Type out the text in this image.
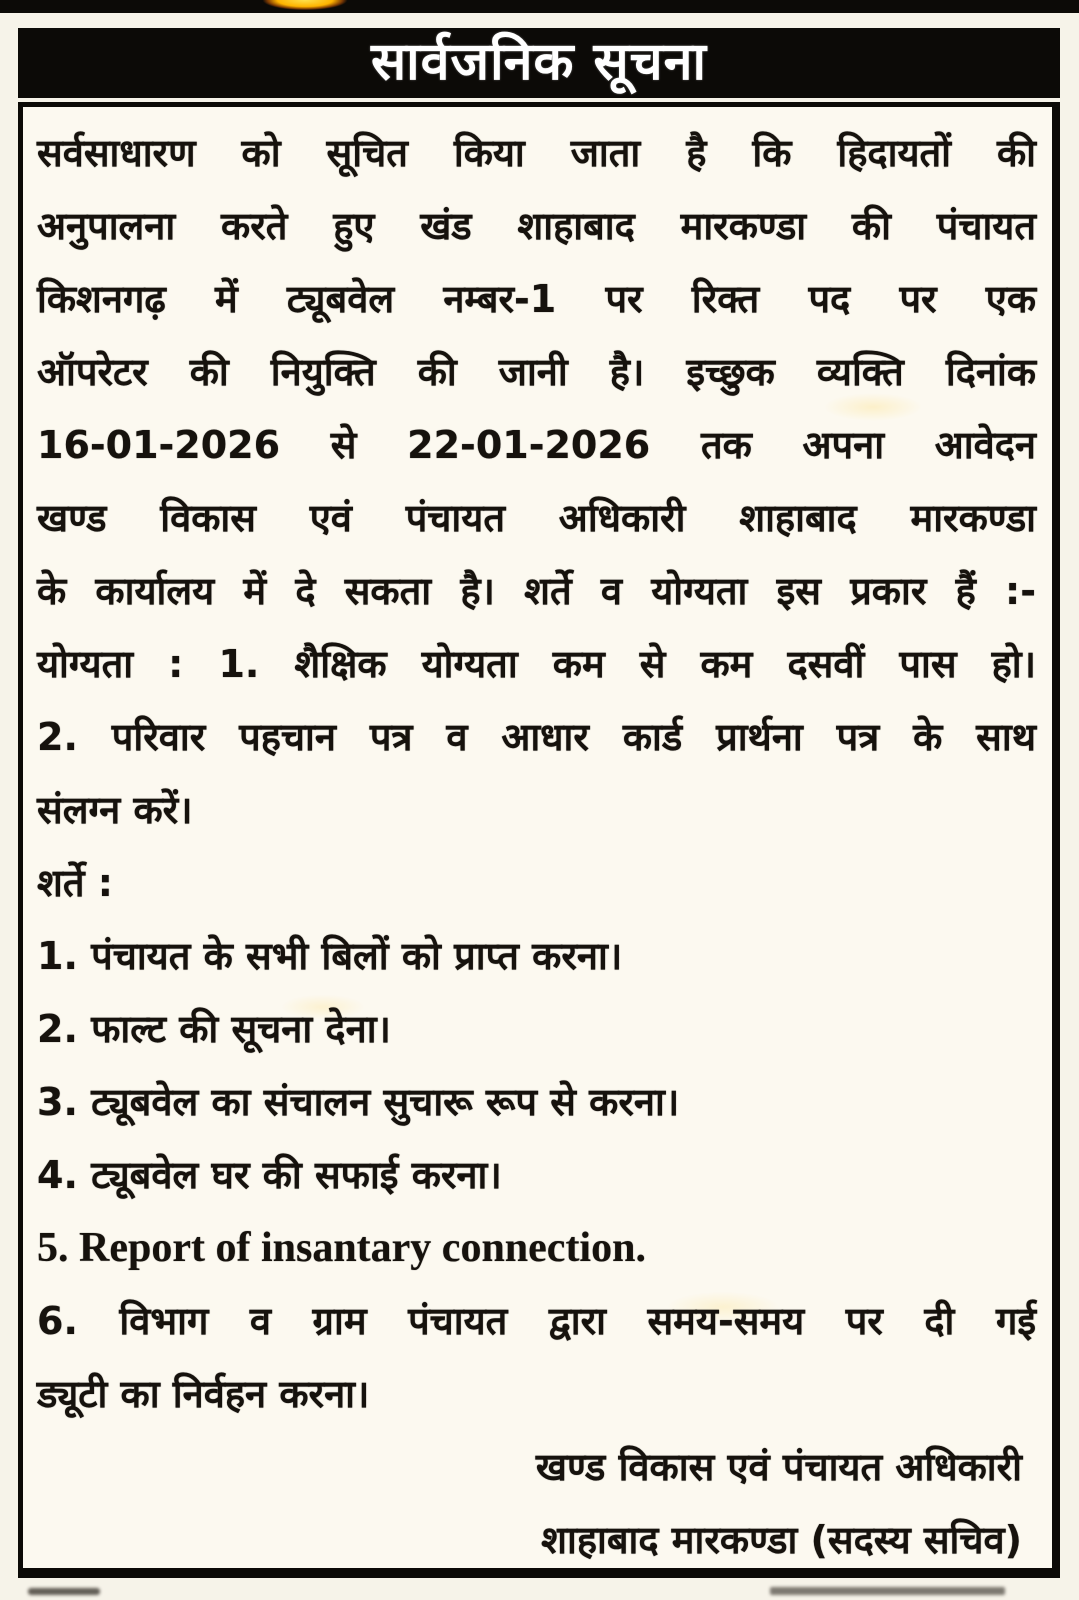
सार्वजनिक सूचना
सर्वसाधारण को सूचित किया जाता है कि हिदायतों की
अनुपालना करते हुए खंड शाहाबाद मारकण्डा की पंचायत
किशनगढ़ में ट्यूबवेल नम्बर-1 पर रिक्त पद पर एक
ऑपरेटर की नियुक्ति की जानी है। इच्छुक व्यक्ति दिनांक
16-01-2026 से 22-01-2026 तक अपना आवेदन
खण्ड विकास एवं पंचायत अधिकारी शाहाबाद मारकण्डा
के कार्यालय में दे सकता है। शर्ते व योग्यता इस प्रकार हैं :-
योग्यता : 1. शैक्षिक योग्यता कम से कम दसवीं पास हो।
2. परिवार पहचान पत्र व आधार कार्ड प्रार्थना पत्र के साथ
संलग्न करें।
शर्ते :
1. पंचायत के सभी बिलों को प्राप्त करना।
2. फाल्ट की सूचना देना।
3. ट्यूबवेल का संचालन सुचारू रूप से करना।
4. ट्यूबवेल घर की सफाई करना।
5. Report of insantary connection.
6. विभाग व ग्राम पंचायत द्वारा समय-समय पर दी गई
ड्यूटी का निर्वहन करना।
खण्ड विकास एवं पंचायत अधिकारी
शाहाबाद मारकण्डा (सदस्य सचिव)
